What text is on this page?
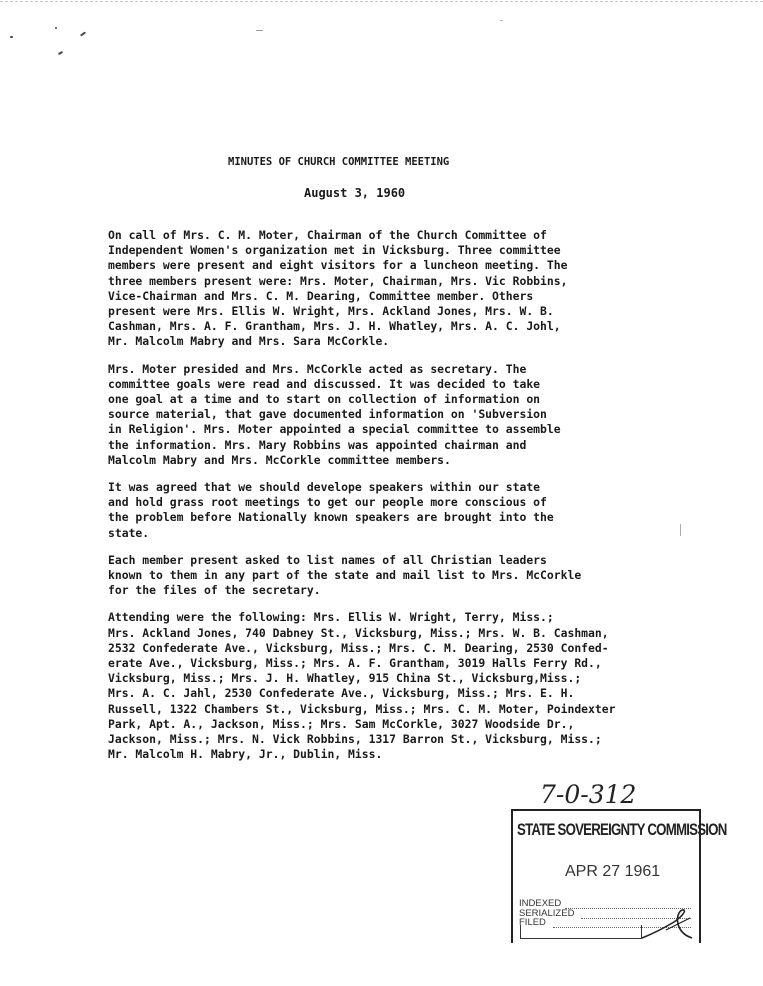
MINUTES OF CHURCH COMMITTEE MEETING
August 3, 1960
On call of Mrs. C. M. Moter, Chairman of the Church Committee of
Independent Women's organization met in Vicksburg. Three committee
members were present and eight visitors for a luncheon meeting. The
three members present were: Mrs. Moter, Chairman, Mrs. Vic Robbins,
Vice-Chairman and Mrs. C. M. Dearing, Committee member. Others
present were Mrs. Ellis W. Wright, Mrs. Ackland Jones, Mrs. W. B.
Cashman, Mrs. A. F. Grantham, Mrs. J. H. Whatley, Mrs. A. C. Johl,
Mr. Malcolm Mabry and Mrs. Sara McCorkle.
Mrs. Moter presided and Mrs. McCorkle acted as secretary. The
committee goals were read and discussed. It was decided to take
one goal at a time and to start on collection of information on
source material, that gave documented information on 'Subversion
in Religion'. Mrs. Moter appointed a special committee to assemble
the information. Mrs. Mary Robbins was appointed chairman and
Malcolm Mabry and Mrs. McCorkle committee members.
It was agreed that we should develope speakers within our state
and hold grass root meetings to get our people more conscious of
the problem before Nationally known speakers are brought into the
state.
Each member present asked to list names of all Christian leaders
known to them in any part of the state and mail list to Mrs. McCorkle
for the files of the secretary.
Attending were the following: Mrs. Ellis W. Wright, Terry, Miss.;
Mrs. Ackland Jones, 740 Dabney St., Vicksburg, Miss.; Mrs. W. B. Cashman,
2532 Confederate Ave., Vicksburg, Miss.; Mrs. C. M. Dearing, 2530 Confed-
erate Ave., Vicksburg, Miss.; Mrs. A. F. Grantham, 3019 Halls Ferry Rd.,
Vicksburg, Miss.; Mrs. J. H. Whatley, 915 China St., Vicksburg,Miss.;
Mrs. A. C. Jahl, 2530 Confederate Ave., Vicksburg, Miss.; Mrs. E. H.
Russell, 1322 Chambers St., Vicksburg, Miss.; Mrs. C. M. Moter, Poindexter
Park, Apt. A., Jackson, Miss.; Mrs. Sam McCorkle, 3027 Woodside Dr.,
Jackson, Miss.; Mrs. N. Vick Robbins, 1317 Barron St., Vicksburg, Miss.;
Mr. Malcolm H. Mabry, Jr., Dublin, Miss.
7-0-312
STATE SOVEREIGNTY COMMISSION
APR 27 1961
INDEXED
SERIALIZED
FILED
